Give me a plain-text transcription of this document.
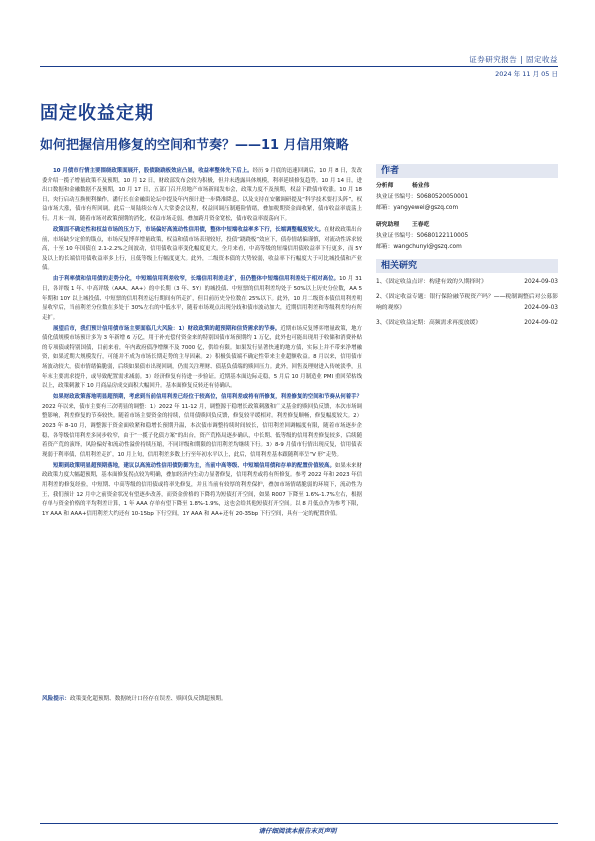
证券研究报告 | 固定收益
2024 年 11 月 05 日
固定收益定期
如何把握信用修复的空间和节奏？——11 月信用策略

10 月债市行情主要围绕政策面展开，股债跷跷板效应凸显，收益率整体先下后上。经历 9 月底的迅速回调后，10 月 8 日，发改委介绍一揽子增量政策不及预期，10 月 12 日，财政部发布会较为积极，但并未透露具体规模，利率延续修复趋势。10 月 14 日，进出口数据和金融数据不及预期，10 月 17 日，五部门召开房地产市场新闻发布会，政策力度不及预期，权益下跌债市收涨。10 月 18 日，央行启动互换便利操作，潘行长在金融街论坛中提及年内预计进一步降准降息，以及支持在安徽调研提及“科学技术要打头阵”，权益市场大涨，债市有所回调。此后一周陆续公布人大常委会议程，权益回调压制避险情绪，叠加税期资金面收紧，债市收益率震荡上行。月末一周，随着市场对政策预期的消化，权益市场走弱，叠加跨月资金宽松，债市收益率震荡向下。

政策面不确定性和权益市场的压力下，市场偏好高流动性信用债，整体中短端收益率多下行，长端调整幅度较大。在财政政策出台前，市场缺少定价的锚点，市场反复博弈增量政策，权益和债市场表现较好，投债“跷跷板”效应下，债券情绪偏谨慎，对流动性诉求较高，十至 10 年国债在 2.1-2.2%之间波动，信用债收益率变化幅度更大。全月来看，中高等级的短端信用债收益率下行更多，而 5Y 及以上的长端信用债收益率多上行，且低等级上行幅度更大。此外，二级资本债的大势较弱，收益率下行幅度大于可比城投债和产业债。

由于利率债和信用债的走势分化，中短端信用利差收窄，长端信用利差走扩，但仍整体中短端信用利差处于相对高位。10 月 31 日，各评级 1 年、中高评级（AAA、AA+）的中长期（3 年、5Y）的城投债、中短票的信用利差均处于 50%以上历史分位数，AA 5 年期和 10Y 以上城投债、中短票的信用利差运行期间有所走扩，但目前历史分位数在 25%以下。此外，10 月二级资本债信用利差明显收窄后，当前利差分位数在多处于 30%左右的中低水平，随着市场观点出现分歧和债市波动加大，近期信用利差和等级利差均有所走扩。

展望后市，我们预计信用债市场主要面临几大风险：1）财政政策的超预期和信贷需求的节奏。近期市场反复博弈增量政策，地方债化债规模市场预计多为 3 年新增 6 万亿，用于补充偿付资金来的特别国债市场预期约 1 万亿，此外也可能出现用于收储和消费补贴的专项债或特别国债，目前来看，年内政府债净增额不及 7000 亿，供给有限。如果发行显著快速的地方债，实际上并不带来净增融资，如果近期大规模发行，可能并不成为市场长期走势的主导因素。2）积极负债端不确定性带来主业超额收益。8 月以来，信用债市场波动较大，债市情绪偏脆弱，后续如果债市出现回调，仍需关注理财、债基负债端的赎回压力。此外，回售及理财进入传统淡季，且年末主要需求提升，或导致配置需求减弱。3）经济修复有待进一步验证。近期基本面边际走稳，5 月后 10 月制造业 PMI 重回荣枯线以上，政策刺激下 10 月商品房成交面积大幅回升。基本面修复反转还有待确认。

如果财政政策落地明显超预期，考虑到当前信用利差已经位于较高位，信用利差或将有所修复，利差修复的空间和节奏从何着手？2022 年以来，债市主要有三次明显的调整：1）2022 年 11-12 月，调整源于稳增长政策刺激和广义基金的赎回负反馈，本次市场调整影响，利差修复的节奏较快。随着市场主要资金的持续，信用债赎回负反馈，修复较平缓相对。利差修复顺畅，修复幅度较大。2）2023 年 8-10 月，调整源于资金面收紧和稳增长预期升温，本次债市调整持续时间较长，信用利差回调幅度有限，随着市场逐步企稳，各等级信用利差多同步收窄，由于“一揽子化债方案”的出台，资产荒格局逐步确认，中长期、低等级的信用利差修复较多，后续随着资产荒的演绎，风险偏好和流动性溢价持续压缩，不同评级和期限的信用利差均继续下行。3）8-9 月债市行情出现反复，信用债表现弱于利率债，信用利差走扩，10 月上旬，信用利差多数上行至年初水平以上，此后，信用利差基本跟随利率呈“V 形”走势。

短期到政策明显超预期落地，建议以高流动性信用债防御为主，当前中高等级、中短端信用债和存单的配置价值较高。如果未来财政政策力度大幅超预期，基本面修复拐点较为明确，叠加经济内生动力显著修复，信用利差或将有所修复。参考 2022 年和 2023 年信用利差的修复经验，中短期、中高等级的信用债或将率先修复，并且当前有较厚的利差保护，叠加市场情绪脆弱的环境下，流动性为王，我们预计 12 月中之前资金状况有望逐步改善，而资金价格的下降将为短债打开空间，如果 R007 下降至 1.6%-1.7%左右，根据存单与资金价格的平均利差计算，1 年 AAA 存单有望下降至 1.8%-1.9%，这也会给其他短债打开空间。以 8 月低点作为参考下限，1Y AAA 和 AAA+信用利差大约还有 10-15bp 下行空间，1Y AAA 和 AA+还有 20-35bp 下行空间，具有一定的配置价值。

风险提示：政策变化超预期、数据统计口径存在误差、赎回负反馈超预期。
作者
分析师	杨业伟
执业证书编号：S0680520050001
邮箱：yangyewei@gszq.com
研究助理 王春呓
执业证书编号：S0680122110005
邮箱：wangchunyi@gszq.com
相关研究
1、《固定收益点评：构建有效的久期择时》	2024-09-03
2、《固定收益专题：银行保险融节税资产吗？——税制调整后对公募影响的观察》	2024-09-03
3、《固定收益定期：高频需求再度放缓》	2024-09-02
请仔细阅读本报告末页声明
